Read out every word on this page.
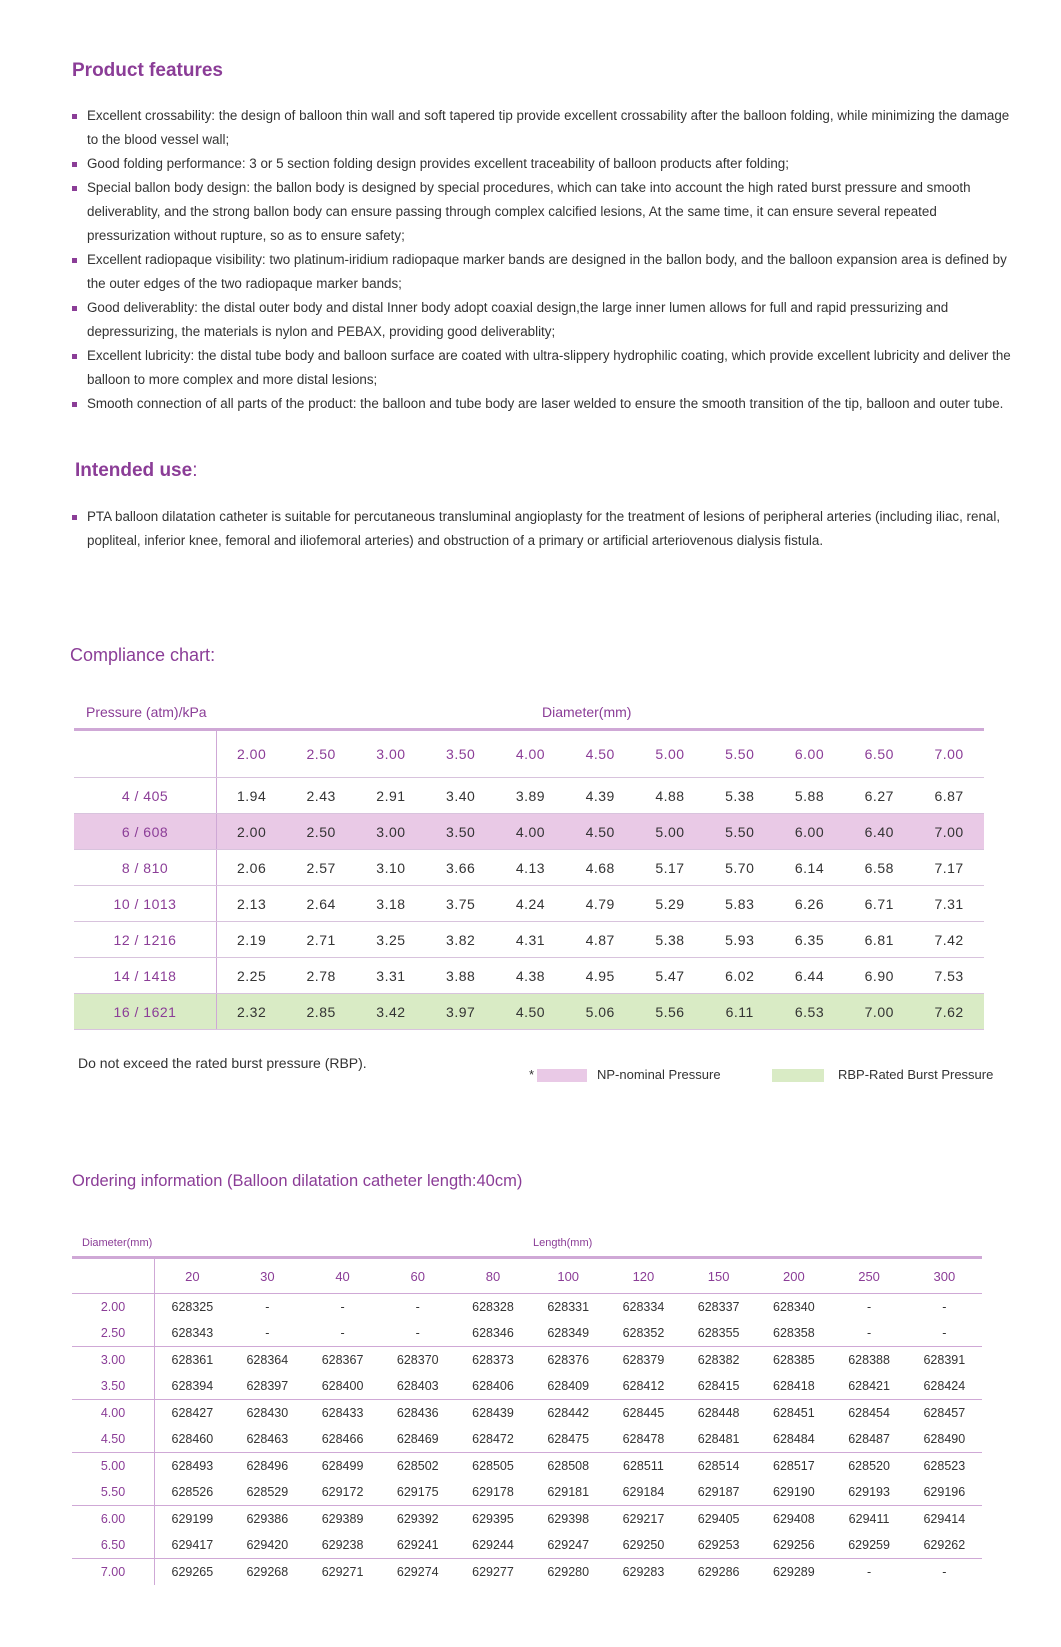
Product features
Excellent crossability: the design of balloon thin wall and soft tapered tip provide excellent crossability after the balloon folding, while minimizing the damage to the blood vessel wall;
Good folding performance: 3 or 5 section folding design provides excellent traceability of balloon products after folding;
Special ballon body design: the ballon body is designed by special procedures, which can take into account the high rated burst pressure and smooth deliverablity, and the strong ballon body can ensure passing through complex calcified lesions, At the same time, it can ensure several repeated pressurization without rupture, so as to ensure safety;
Excellent radiopaque visibility: two platinum-iridium radiopaque marker bands are designed in the ballon body, and the balloon expansion area is defined by the outer edges of the two radiopaque marker bands;
Good deliverablity: the distal outer body and distal Inner body adopt coaxial design,the large inner lumen allows for full and rapid pressurizing and depressurizing, the materials is nylon and PEBAX, providing good deliverablity;
Excellent lubricity: the distal tube body and balloon surface are coated with ultra-slippery hydrophilic coating, which provide excellent lubricity and deliver the balloon to more complex and more distal lesions;
Smooth connection of all parts of the product: the balloon and tube body are laser welded to ensure the smooth transition of the tip, balloon and outer tube.
Intended use:
PTA balloon dilatation catheter is suitable for percutaneous transluminal angioplasty for the treatment of lesions of peripheral arteries (including iliac, renal, popliteal, inferior knee, femoral and iliofemoral arteries) and obstruction of a primary or artificial arteriovenous dialysis fistula.
Compliance chart:
Pressure (atm)/kPa	Diameter(mm)
	2.00	2.50	3.00	3.50	4.00	4.50	5.00	5.50	6.00	6.50	7.00
4 / 405	1.94	2.43	2.91	3.40	3.89	4.39	4.88	5.38	5.88	6.27	6.87
6 / 608	2.00	2.50	3.00	3.50	4.00	4.50	5.00	5.50	6.00	6.40	7.00
8 / 810	2.06	2.57	3.10	3.66	4.13	4.68	5.17	5.70	6.14	6.58	7.17
10 / 1013	2.13	2.64	3.18	3.75	4.24	4.79	5.29	5.83	6.26	6.71	7.31
12 / 1216	2.19	2.71	3.25	3.82	4.31	4.87	5.38	5.93	6.35	6.81	7.42
14 / 1418	2.25	2.78	3.31	3.88	4.38	4.95	5.47	6.02	6.44	6.90	7.53
16 / 1621	2.32	2.85	3.42	3.97	4.50	5.06	5.56	6.11	6.53	7.00	7.62
Do not exceed the rated burst pressure (RBP).
*	NP-nominal Pressure	RBP-Rated Burst Pressure
Ordering information (Balloon dilatation catheter length:40cm)
Diameter(mm)	Length(mm)
	20	30	40	60	80	100	120	150	200	250	300
2.00	628325	-	-	-	628328	628331	628334	628337	628340	-	-
2.50	628343	-	-	-	628346	628349	628352	628355	628358	-	-
3.00	628361	628364	628367	628370	628373	628376	628379	628382	628385	628388	628391
3.50	628394	628397	628400	628403	628406	628409	628412	628415	628418	628421	628424
4.00	628427	628430	628433	628436	628439	628442	628445	628448	628451	628454	628457
4.50	628460	628463	628466	628469	628472	628475	628478	628481	628484	628487	628490
5.00	628493	628496	628499	628502	628505	628508	628511	628514	628517	628520	628523
5.50	628526	628529	629172	629175	629178	629181	629184	629187	629190	629193	629196
6.00	629199	629386	629389	629392	629395	629398	629217	629405	629408	629411	629414
6.50	629417	629420	629238	629241	629244	629247	629250	629253	629256	629259	629262
7.00	629265	629268	629271	629274	629277	629280	629283	629286	629289	-	-
